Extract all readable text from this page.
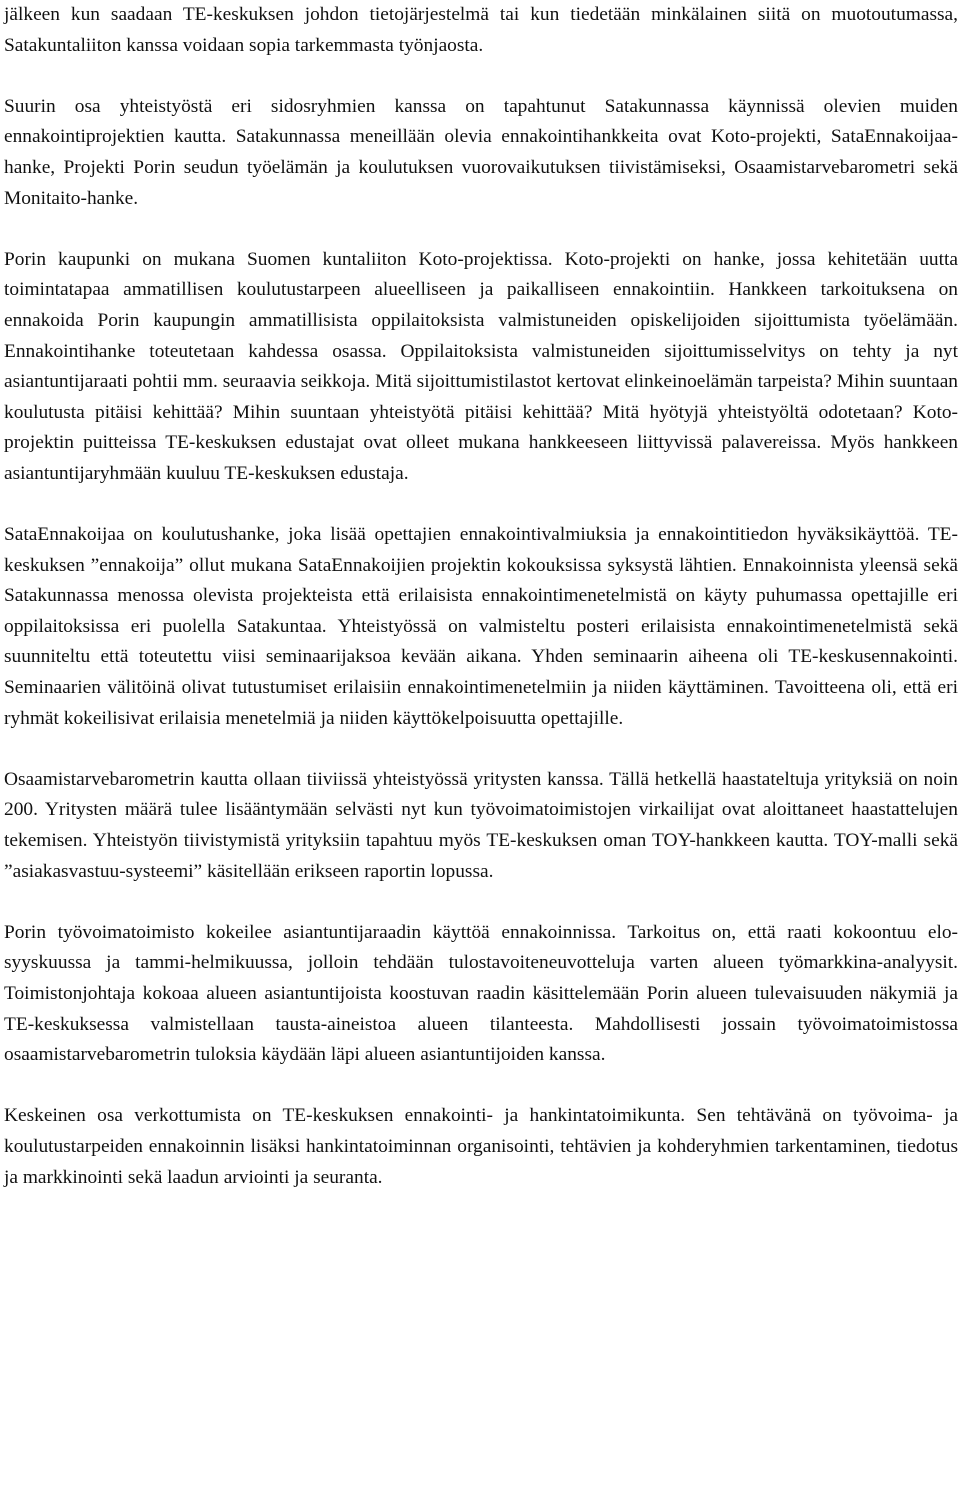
jälkeen kun saadaan TE-keskuksen johdon tietojärjestelmä tai kun tiedetään minkälainen siitä on muotoutumassa, Satakuntaliiton kanssa voidaan sopia tarkemmasta työnjaosta.

Suurin osa yhteistyöstä eri sidosryhmien kanssa on tapahtunut Satakunnassa käynnissä olevien muiden ennakointiprojektien kautta. Satakunnassa meneillään olevia ennakointihankkeita ovat Koto-projekti, SataEnnakoijaa-hanke, Projekti Porin seudun työelämän ja koulutuksen vuorovaikutuksen tiivistämiseksi, Osaamistarvebarometri sekä Monitaito-hanke.

Porin kaupunki on mukana Suomen kuntaliiton Koto-projektissa. Koto-projekti on hanke, jossa kehitetään uutta toimintatapaa ammatillisen koulutustarpeen alueelliseen ja paikalliseen ennakointiin. Hankkeen tarkoituksena on ennakoida Porin kaupungin ammatillisista oppilaitoksista valmistuneiden opiskelijoiden sijoittumista työelämään. Ennakointihanke toteutetaan kahdessa osassa. Oppilaitoksista valmistuneiden sijoittumisselvitys on tehty ja nyt asiantuntijaraati pohtii mm. seuraavia seikkoja. Mitä sijoittumistilastot kertovat elinkeinoelämän tarpeista? Mihin suuntaan koulutusta pitäisi kehittää? Mihin suuntaan yhteistyötä pitäisi kehittää? Mitä hyötyjä yhteistyöltä odotetaan? Koto-projektin puitteissa TE-keskuksen edustajat ovat olleet mukana hankkeeseen liittyvissä palavereissa. Myös hankkeen asiantuntijaryhmään kuuluu TE-keskuksen edustaja.

SataEnnakoijaa on koulutushanke, joka lisää opettajien ennakointivalmiuksia ja ennakointitiedon hyväksikäyttöä. TE-keskuksen ”ennakoija” ollut mukana SataEnnakoijien projektin kokouksissa syksystä lähtien. Ennakoinnista yleensä sekä Satakunnassa menossa olevista projekteista että erilaisista ennakointimenetelmistä on käyty puhumassa opettajille eri oppilaitoksissa eri puolella Satakuntaa. Yhteistyössä on valmisteltu posteri erilaisista ennakointimenetelmistä sekä suunniteltu että toteutettu viisi seminaarijaksoa kevään aikana. Yhden seminaarin aiheena oli TE-keskusennakointi. Seminaarien välitöinä olivat tutustumiset erilaisiin ennakointimenetelmiin ja niiden käyttäminen. Tavoitteena oli, että eri ryhmät kokeilisivat erilaisia menetelmiä ja niiden käyttökelpoisuutta opettajille.

Osaamistarvebarometrin kautta ollaan tiiviissä yhteistyössä yritysten kanssa. Tällä hetkellä haastateltuja yrityksiä on noin 200. Yritysten määrä tulee lisääntymään selvästi nyt kun työvoimatoimistojen virkailijat ovat aloittaneet haastattelujen tekemisen. Yhteistyön tiivistymistä yrityksiin tapahtuu myös TE-keskuksen oman TOY-hankkeen kautta. TOY-malli sekä ”asiakasvastuu-systeemi” käsitellään erikseen raportin lopussa.

Porin työvoimatoimisto kokeilee asiantuntijaraadin käyttöä ennakoinnissa. Tarkoitus on, että raati kokoontuu elo-syyskuussa ja tammi-helmikuussa, jolloin tehdään tulostavoiteneuvotteluja varten alueen työmarkkina-analyysit. Toimistonjohtaja kokoaa alueen asiantuntijoista koostuvan raadin käsittelemään Porin alueen tulevaisuuden näkymiä ja TE-keskuksessa valmistellaan tausta-aineistoa alueen tilanteesta. Mahdollisesti jossain työvoimatoimistossa osaamistarvebarometrin tuloksia käydään läpi alueen asiantuntijoiden kanssa.

Keskeinen osa verkottumista on TE-keskuksen ennakointi- ja hankintatoimikunta. Sen tehtävänä on työvoima- ja koulutustarpeiden ennakoinnin lisäksi hankintatoiminnan organisointi, tehtävien ja kohderyhmien tarkentaminen, tiedotus ja markkinointi sekä laadun arviointi ja seuranta.
